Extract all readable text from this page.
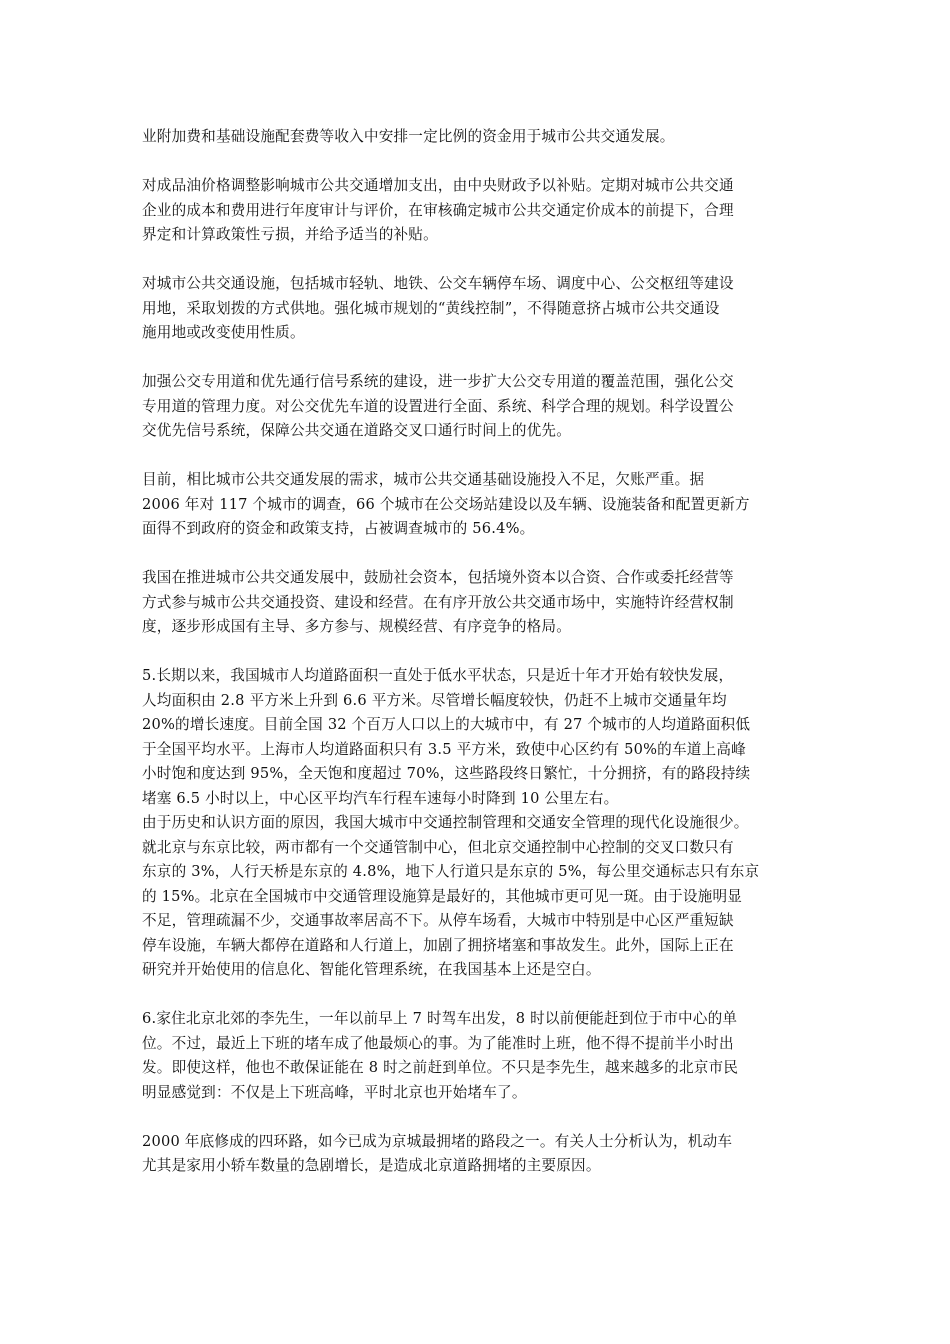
业附加费和基础设施配套费等收入中安排一定比例的资金用于城市公共交通发展。

对成品油价格调整影响城市公共交通增加支出，由中央财政予以补贴。定期对城市公共交通
企业的成本和费用进行年度审计与评价，在审核确定城市公共交通定价成本的前提下，合理
界定和计算政策性亏损，并给予适当的补贴。

对城市公共交通设施，包括城市轻轨、地铁、公交车辆停车场、调度中心、公交枢纽等建设
用地，采取划拨的方式供地。强化城市规划的“黄线控制”，不得随意挤占城市公共交通设
施用地或改变使用性质。

加强公交专用道和优先通行信号系统的建设，进一步扩大公交专用道的覆盖范围，强化公交
专用道的管理力度。对公交优先车道的设置进行全面、系统、科学合理的规划。科学设置公
交优先信号系统，保障公共交通在道路交叉口通行时间上的优先。

目前，相比城市公共交通发展的需求，城市公共交通基础设施投入不足，欠账严重。据
2006 年对 117 个城市的调查，66 个城市在公交场站建设以及车辆、设施装备和配置更新方
面得不到政府的资金和政策支持，占被调查城市的 56.4%。

我国在推进城市公共交通发展中，鼓励社会资本，包括境外资本以合资、合作或委托经营等
方式参与城市公共交通投资、建设和经营。在有序开放公共交通市场中，实施特许经营权制
度，逐步形成国有主导、多方参与、规模经营、有序竞争的格局。

5.长期以来，我国城市人均道路面积一直处于低水平状态，只是近十年才开始有较快发展，
人均面积由 2.8 平方米上升到 6.6 平方米。尽管增长幅度较快，仍赶不上城市交通量年均
20%的增长速度。目前全国 32 个百万人口以上的大城市中，有 27 个城市的人均道路面积低
于全国平均水平。上海市人均道路面积只有 3.5 平方米，致使中心区约有 50%的车道上高峰
小时饱和度达到 95%，全天饱和度超过 70%，这些路段终日繁忙，十分拥挤，有的路段持续
堵塞 6.5 小时以上，中心区平均汽车行程车速每小时降到 10 公里左右。

由于历史和认识方面的原因，我国大城市中交通控制管理和交通安全管理的现代化设施很少。
就北京与东京比较，两市都有一个交通管制中心，但北京交通控制中心控制的交叉口数只有
东京的 3%，人行天桥是东京的 4.8%，地下人行道只是东京的 5%，每公里交通标志只有东京
的 15%。北京在全国城市中交通管理设施算是最好的，其他城市更可见一斑。由于设施明显
不足，管理疏漏不少，交通事故率居高不下。从停车场看，大城市中特别是中心区严重短缺
停车设施，车辆大都停在道路和人行道上，加剧了拥挤堵塞和事故发生。此外，国际上正在
研究并开始使用的信息化、智能化管理系统，在我国基本上还是空白。

6.家住北京北郊的李先生，一年以前早上 7 时驾车出发，8 时以前便能赶到位于市中心的单
位。不过，最近上下班的堵车成了他最烦心的事。为了能准时上班，他不得不提前半小时出
发。即使这样，他也不敢保证能在 8 时之前赶到单位。不只是李先生，越来越多的北京市民
明显感觉到：不仅是上下班高峰，平时北京也开始堵车了。

2000 年底修成的四环路，如今已成为京城最拥堵的路段之一。有关人士分析认为，机动车
尤其是家用小轿车数量的急剧增长，是造成北京道路拥堵的主要原因。
